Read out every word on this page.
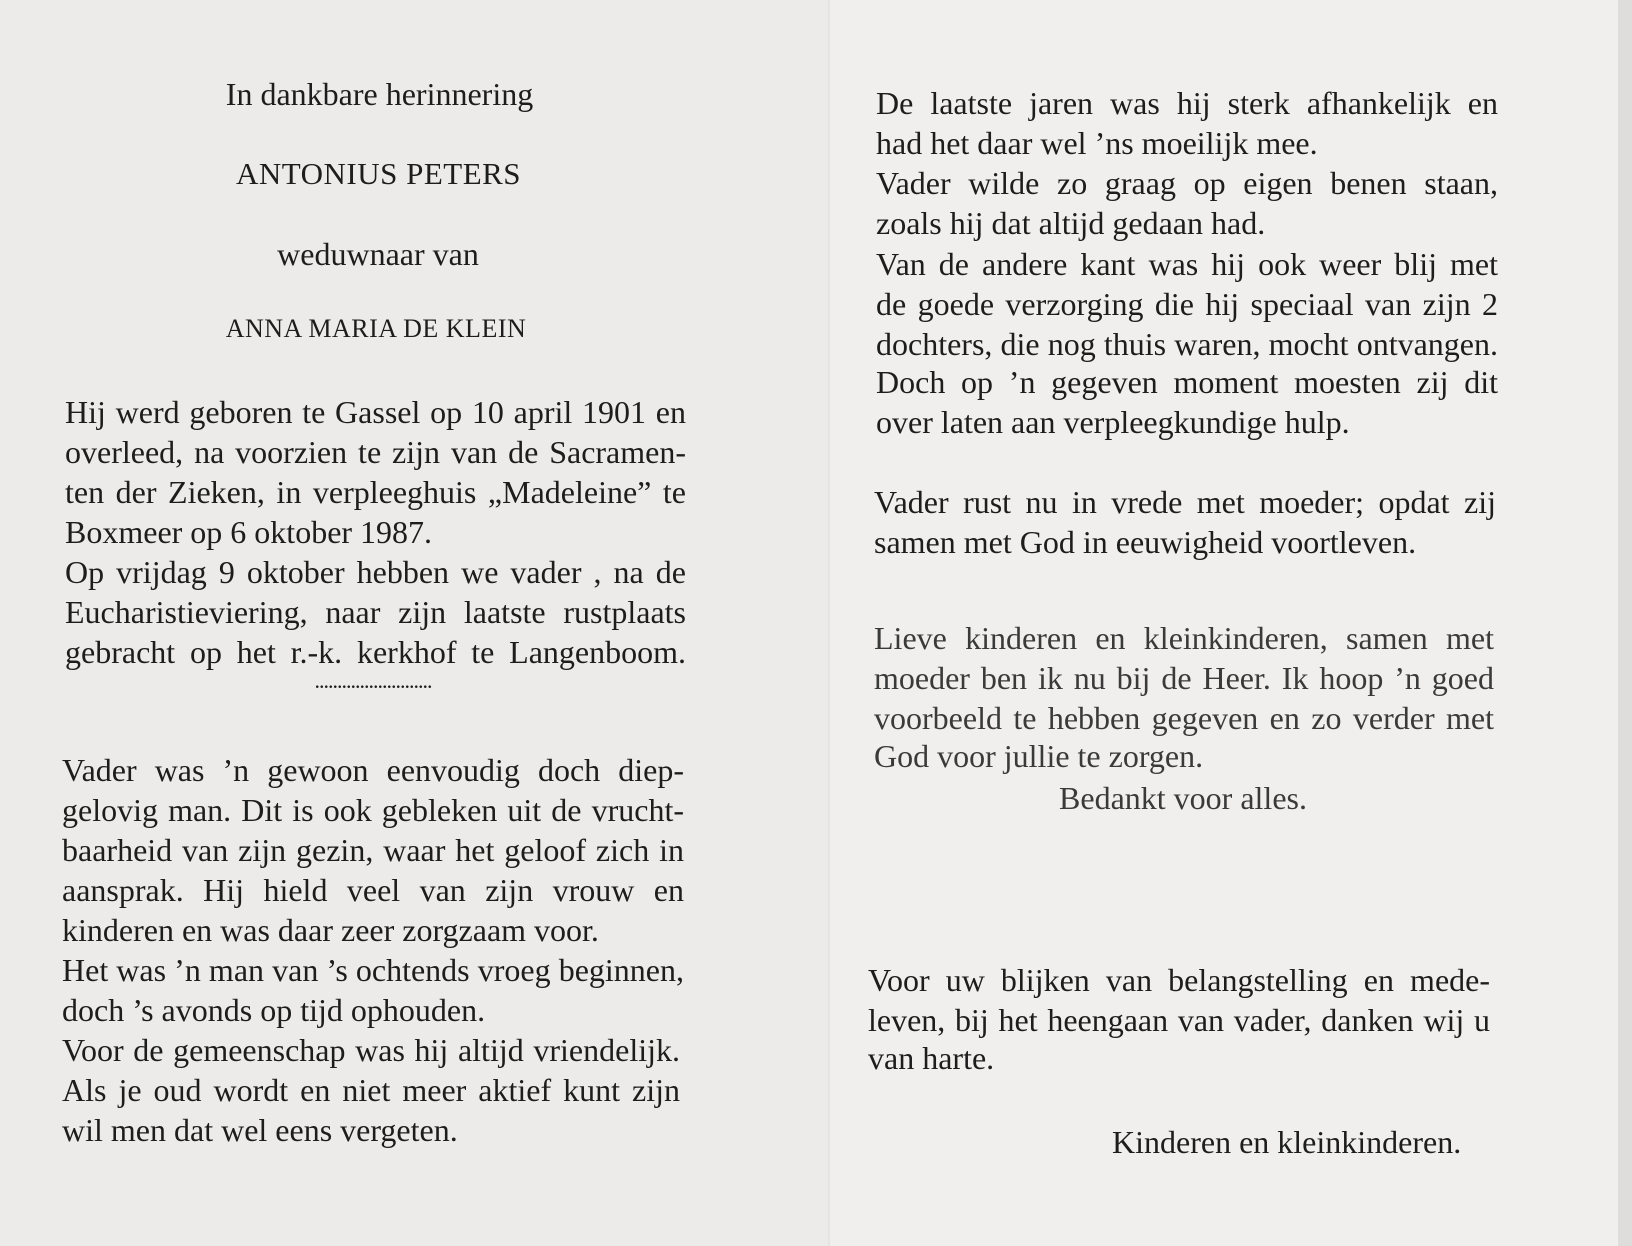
In dankbare herinnering
ANTONIUS PETERS
weduwnaar van
ANNA MARIA DE KLEIN
Hij werd geboren te Gassel op 10 april 1901 en
overleed, na voorzien te zijn van de Sacramen-
ten der Zieken, in verpleeghuis „Madeleine” te
Boxmeer op 6 oktober 1987.
Op vrijdag 9 oktober hebben we vader , na de
Eucharistieviering, naar zijn laatste rustplaats
gebracht op het r.-k. kerkhof te Langenboom.
..........................
Vader was ’n gewoon eenvoudig doch diep-
gelovig man. Dit is ook gebleken uit de vrucht-
baarheid van zijn gezin, waar het geloof zich in
aansprak. Hij hield veel van zijn vrouw en
kinderen en was daar zeer zorgzaam voor.
Het was ’n man van ’s ochtends vroeg beginnen,
doch ’s avonds op tijd ophouden.
Voor de gemeenschap was hij altijd vriendelijk.
Als je oud wordt en niet meer aktief kunt zijn
wil men dat wel eens vergeten.
De laatste jaren was hij sterk afhankelijk en
had het daar wel ’ns moeilijk mee.
Vader wilde zo graag op eigen benen staan,
zoals hij dat altijd gedaan had.
Van de andere kant was hij ook weer blij met
de goede verzorging die hij speciaal van zijn 2
dochters, die nog thuis waren, mocht ontvangen.
Doch op ’n gegeven moment moesten zij dit
over laten aan verpleegkundige hulp.
Vader rust nu in vrede met moeder; opdat zij
samen met God in eeuwigheid voortleven.
Lieve kinderen en kleinkinderen, samen met
moeder ben ik nu bij de Heer. Ik hoop ’n goed
voorbeeld te hebben gegeven en zo verder met
God voor jullie te zorgen.
Bedankt voor alles.
Voor uw blijken van belangstelling en mede-
leven, bij het heengaan van vader, danken wij u
van harte.
Kinderen en kleinkinderen.
